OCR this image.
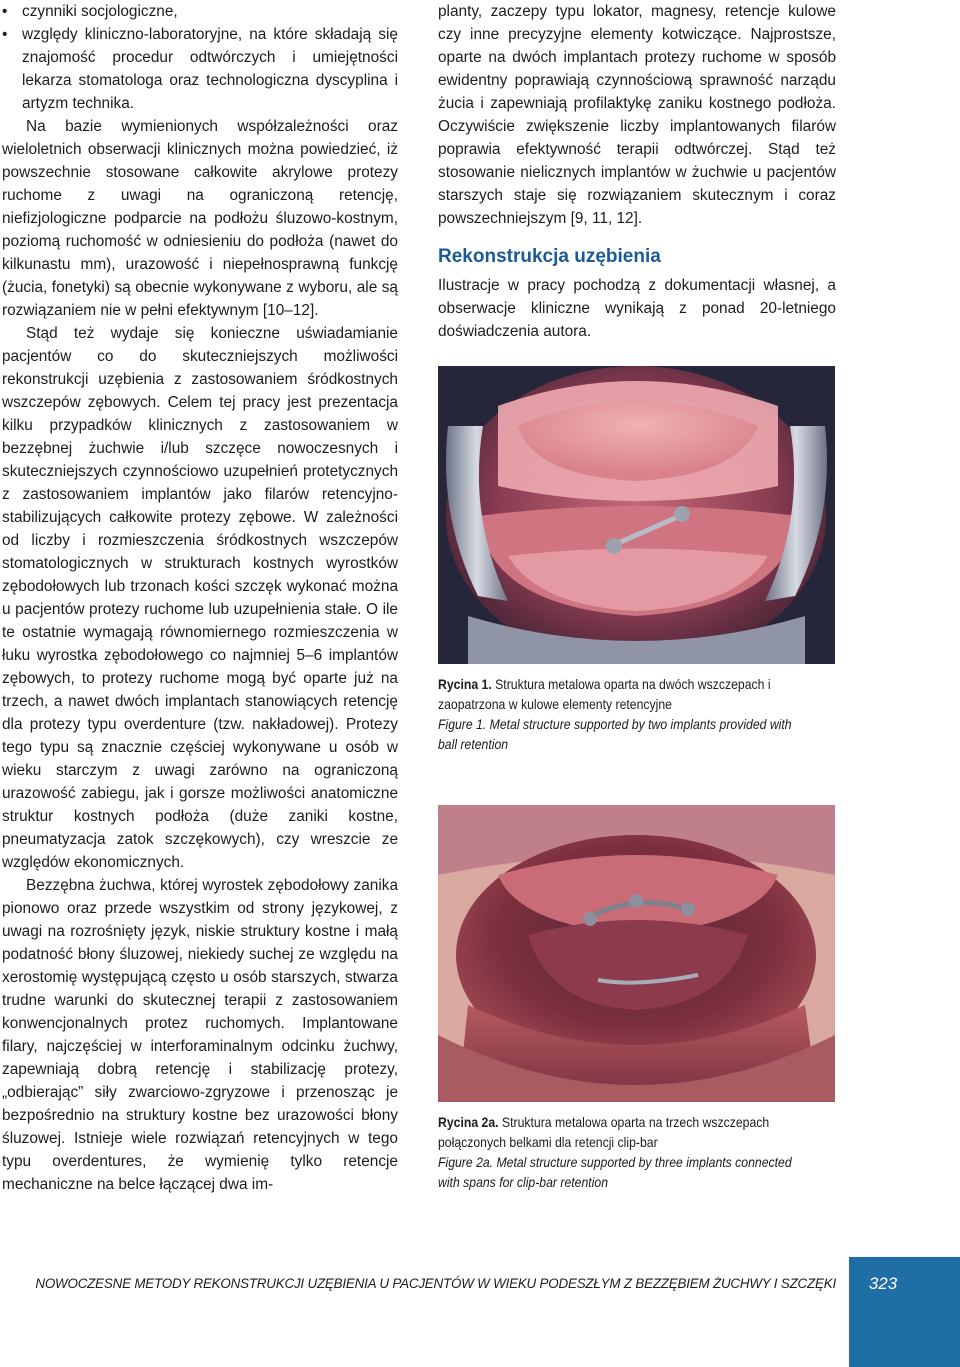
• czynniki socjologiczne,
• względy kliniczno-laboratoryjne, na które składają się znajomość procedur odtwórczych i umiejętności lekarza stomatologa oraz technologiczna dyscyplina i artyzm technika.

Na bazie wymienionych współzależności oraz wieloletnich obserwacji klinicznych można powiedzieć, iż powszechnie stosowane całkowite akrylowe protezy ruchome z uwagi na ograniczoną retencję, niefizjologiczne podparcie na podłożu śluzowo-kostnym, poziomą ruchomość w odniesieniu do podłoża (nawet do kilkunastu mm), urazowość i niepełnosprawną funkcję (żucia, fonetyki) są obecnie wykonywane z wyboru, ale są rozwiązaniem nie w pełni efektywnym [10–12].

Stąd też wydaje się konieczne uświadamianie pacjentów co do skuteczniejszych możliwości rekonstrukcji uzębienia z zastosowaniem śródkostnych wszczepów zębowych. Celem tej pracy jest prezentacja kilku przypadków klinicznych z zastosowaniem w bezzębnej żuchwie i/lub szczęce nowoczesnych i skuteczniejszych czynnościowo uzupełnień protetycznych z zastosowaniem implantów jako filarów retencyjno-stabilizujących całkowite protezy zębowe. W zależności od liczby i rozmieszczenia śródkostnych wszczepów stomatologicznych w strukturach kostnych wyrostków zębodołowych lub trzonach kości szczęk wykonać można u pacjentów protezy ruchome lub uzupełnienia stałe. O ile te ostatnie wymagają równomiernego rozmieszczenia w łuku wyrostka zębodołowego co najmniej 5–6 implantów zębowych, to protezy ruchome mogą być oparte już na trzech, a nawet dwóch implantach stanowiących retencję dla protezy typu overdenture (tzw. nakładowej). Protezy tego typu są znacznie częściej wykonywane u osób w wieku starczym z uwagi zarówno na ograniczoną urazowość zabiegu, jak i gorsze możliwości anatomiczne struktur kostnych podłoża (duże zaniki kostne, pneumatyzacja zatok szczękowych), czy wreszcie ze względów ekonomicznych.

Bezzębna żuchwa, której wyrostek zębodołowy zanika pionowo oraz przede wszystkim od strony językowej, z uwagi na rozrośnięty język, niskie struktury kostne i małą podatność błony śluzowej, niekiedy suchej ze względu na xerostomię występującą często u osób starszych, stwarza trudne warunki do skutecznej terapii z zastosowaniem konwencjonalnych protez ruchomych. Implantowane filary, najczęściej w interforaminalnym odcinku żuchwy, zapewniają dobrą retencję i stabilizację protezy, „odbierając” siły zwarciowo-zgryzowe i przenosząc je bezpośrednio na struktury kostne bez urazowości błony śluzowej. Istnieje wiele rozwiązań retencyjnych w tego typu overdentures, że wymienię tylko retencje mechaniczne na belce łączącej dwa im-

planty, zaczepy typu lokator, magnesy, retencje kulowe czy inne precyzyjne elementy kotwiczące. Najprostsze, oparte na dwóch implantach protezy ruchome w sposób ewidentny poprawiają czynnościową sprawność narządu żucia i zapewniają profilaktykę zaniku kostnego podłoża. Oczywiście zwiększenie liczby implantowanych filarów poprawia efektywność terapii odtwórczej. Stąd też stosowanie nielicznych implantów w żuchwie u pacjentów starszych staje się rozwiązaniem skutecznym i coraz powszechniejszym [9, 11, 12].

Rekonstrukcja uzębienia

Ilustracje w pracy pochodzą z dokumentacji własnej, a obserwacje kliniczne wynikają z ponad 20-letniego doświadczenia autora.

Rycina 1. Struktura metalowa oparta na dwóch wszczepach i zaopatrzona w kulowe elementy retencyjne
Figure 1. Metal structure supported by two implants provided with ball retention
Rycina 2a. Struktura metalowa oparta na trzech wszczepach połączonych belkami dla retencji clip-bar
Figure 2a. Metal structure supported by three implants connected with spans for clip-bar retention
NOWOCZESNE METODY REKONSTRUKCJI UZĘBIENIA U PACJENTÓW W WIEKU PODESZŁYM Z BEZZĘBIEM ŻUCHWY I SZCZĘKI	323
